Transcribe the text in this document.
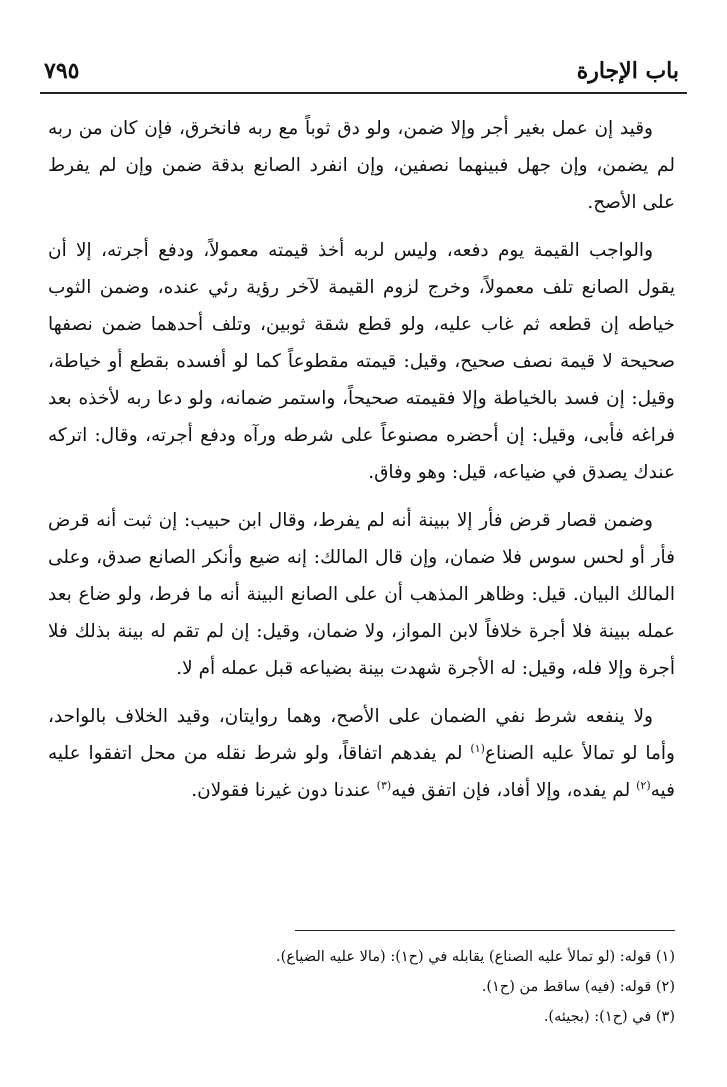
باب الإجارة
٧٩٥

وقيد إن عمل بغير أجر وإلا ضمن، ولو دق ثوباً مع ربه فانخرق، فإن كان من ربه لم يضمن، وإن جهل فبينهما نصفين، وإن انفرد الصانع بدقة ضمن وإن لم يفرط على الأصح.

والواجب القيمة يوم دفعه، وليس لربه أخذ قيمته معمولاً، ودفع أجرته، إلا أن يقول الصانع تلف معمولاً، وخرج لزوم القيمة لآخر رؤية رئي عنده، وضمن الثوب خياطه إن قطعه ثم غاب عليه، ولو قطع شقة ثوبين، وتلف أحدهما ضمن نصفها صحيحة لا قيمة نصف صحيح، وقيل: قيمته مقطوعاً كما لو أفسده بقطع أو خياطة، وقيل: إن فسد بالخياطة وإلا فقيمته صحيحاً، واستمر ضمانه، ولو دعا ربه لأخذه بعد فراغه فأبى، وقيل: إن أحضره مصنوعاً على شرطه ورآه ودفع أجرته، وقال: اتركه عندك يصدق في ضياعه، قيل: وهو وفاق.

وضمن قصار قرض فأر إلا ببينة أنه لم يفرط، وقال ابن حبيب: إن ثبت أنه قرض فأر أو لحس سوس فلا ضمان، وإن قال المالك: إنه ضيع وأنكر الصانع صدق، وعلى المالك البيان. قيل: وظاهر المذهب أن على الصانع البينة أنه ما فرط، ولو ضاع بعد عمله ببينة فلا أجرة خلافاً لابن المواز، ولا ضمان، وقيل: إن لم تقم له بينة بذلك فلا أجرة وإلا فله، وقيل: له الأجرة شهدت بينة بضياعه قبل عمله أم لا.

ولا ينفعه شرط نفي الضمان على الأصح، وهما روايتان، وقيد الخلاف بالواحد، وأما لو تمالأ عليه الصناع$^{(١)}$ لم يفدهم اتفاقاً، ولو شرط نقله من محل اتفقوا عليه فيه$^{(٢)}$ لم يفده، وإلا أفاد، فإن اتفق فيه$^{(٣)}$ عندنا دون غيرنا فقولان.

(١) قوله: (لو تمالأ عليه الصناع) يقابله في (ح١): (مالا عليه الضياع).

(٢) قوله: (فيه) ساقط من (ح١).

(٣) في (ح١): (بجيئه).
